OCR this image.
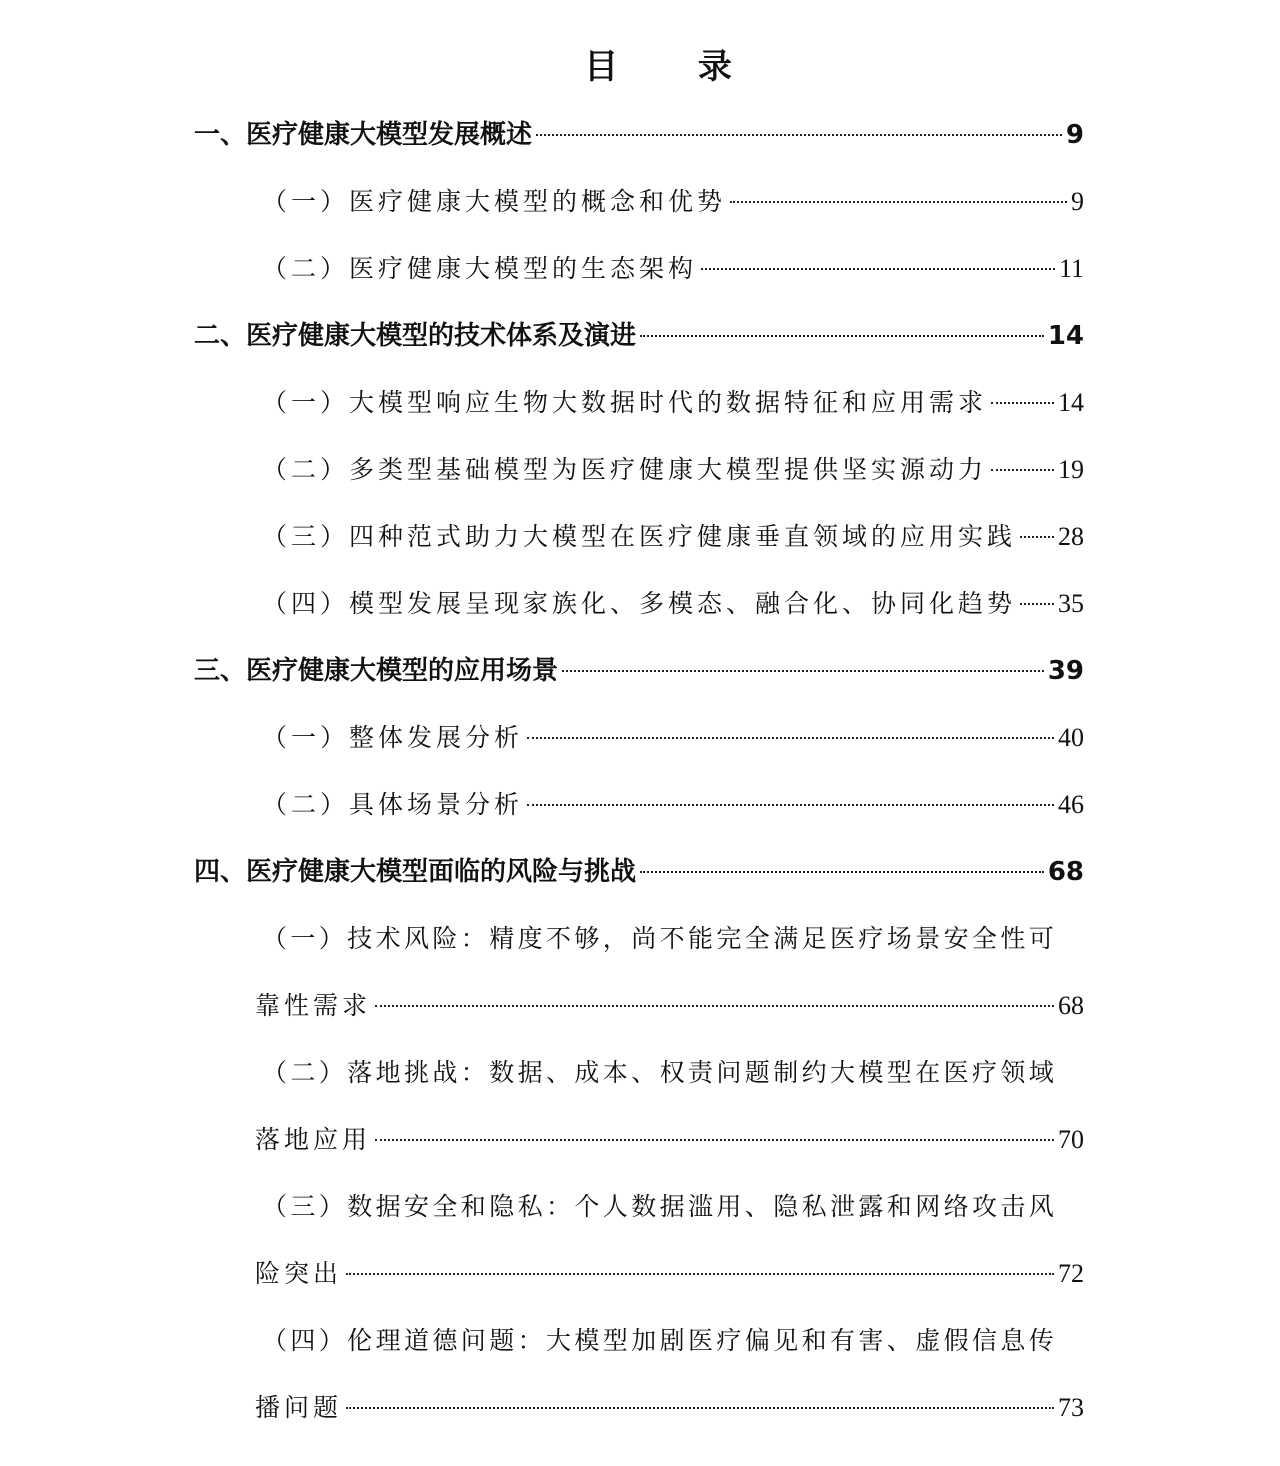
目 录
一、医疗健康大模型发展概述	9
（一）医疗健康大模型的概念和优势	9
（二）医疗健康大模型的生态架构	11
二、医疗健康大模型的技术体系及演进	14
（一）大模型响应生物大数据时代的数据特征和应用需求	14
（二）多类型基础模型为医疗健康大模型提供坚实源动力	19
（三）四种范式助力大模型在医疗健康垂直领域的应用实践 28
（四）模型发展呈现家族化、多模态、融合化、协同化趋势 35
三、医疗健康大模型的应用场景	39
（一）整体发展分析	40
（二）具体场景分析	46
四、医疗健康大模型面临的风险与挑战	68
（一）技术风险：精度不够，尚不能完全满足医疗场景安全性可
靠性需求	68
（二）落地挑战：数据、成本、权责问题制约大模型在医疗领域
落地应用	70
（三）数据安全和隐私：个人数据滥用、隐私泄露和网络攻击风
险突出	72
（四）伦理道德问题：大模型加剧医疗偏见和有害、虚假信息传
播问题	73
